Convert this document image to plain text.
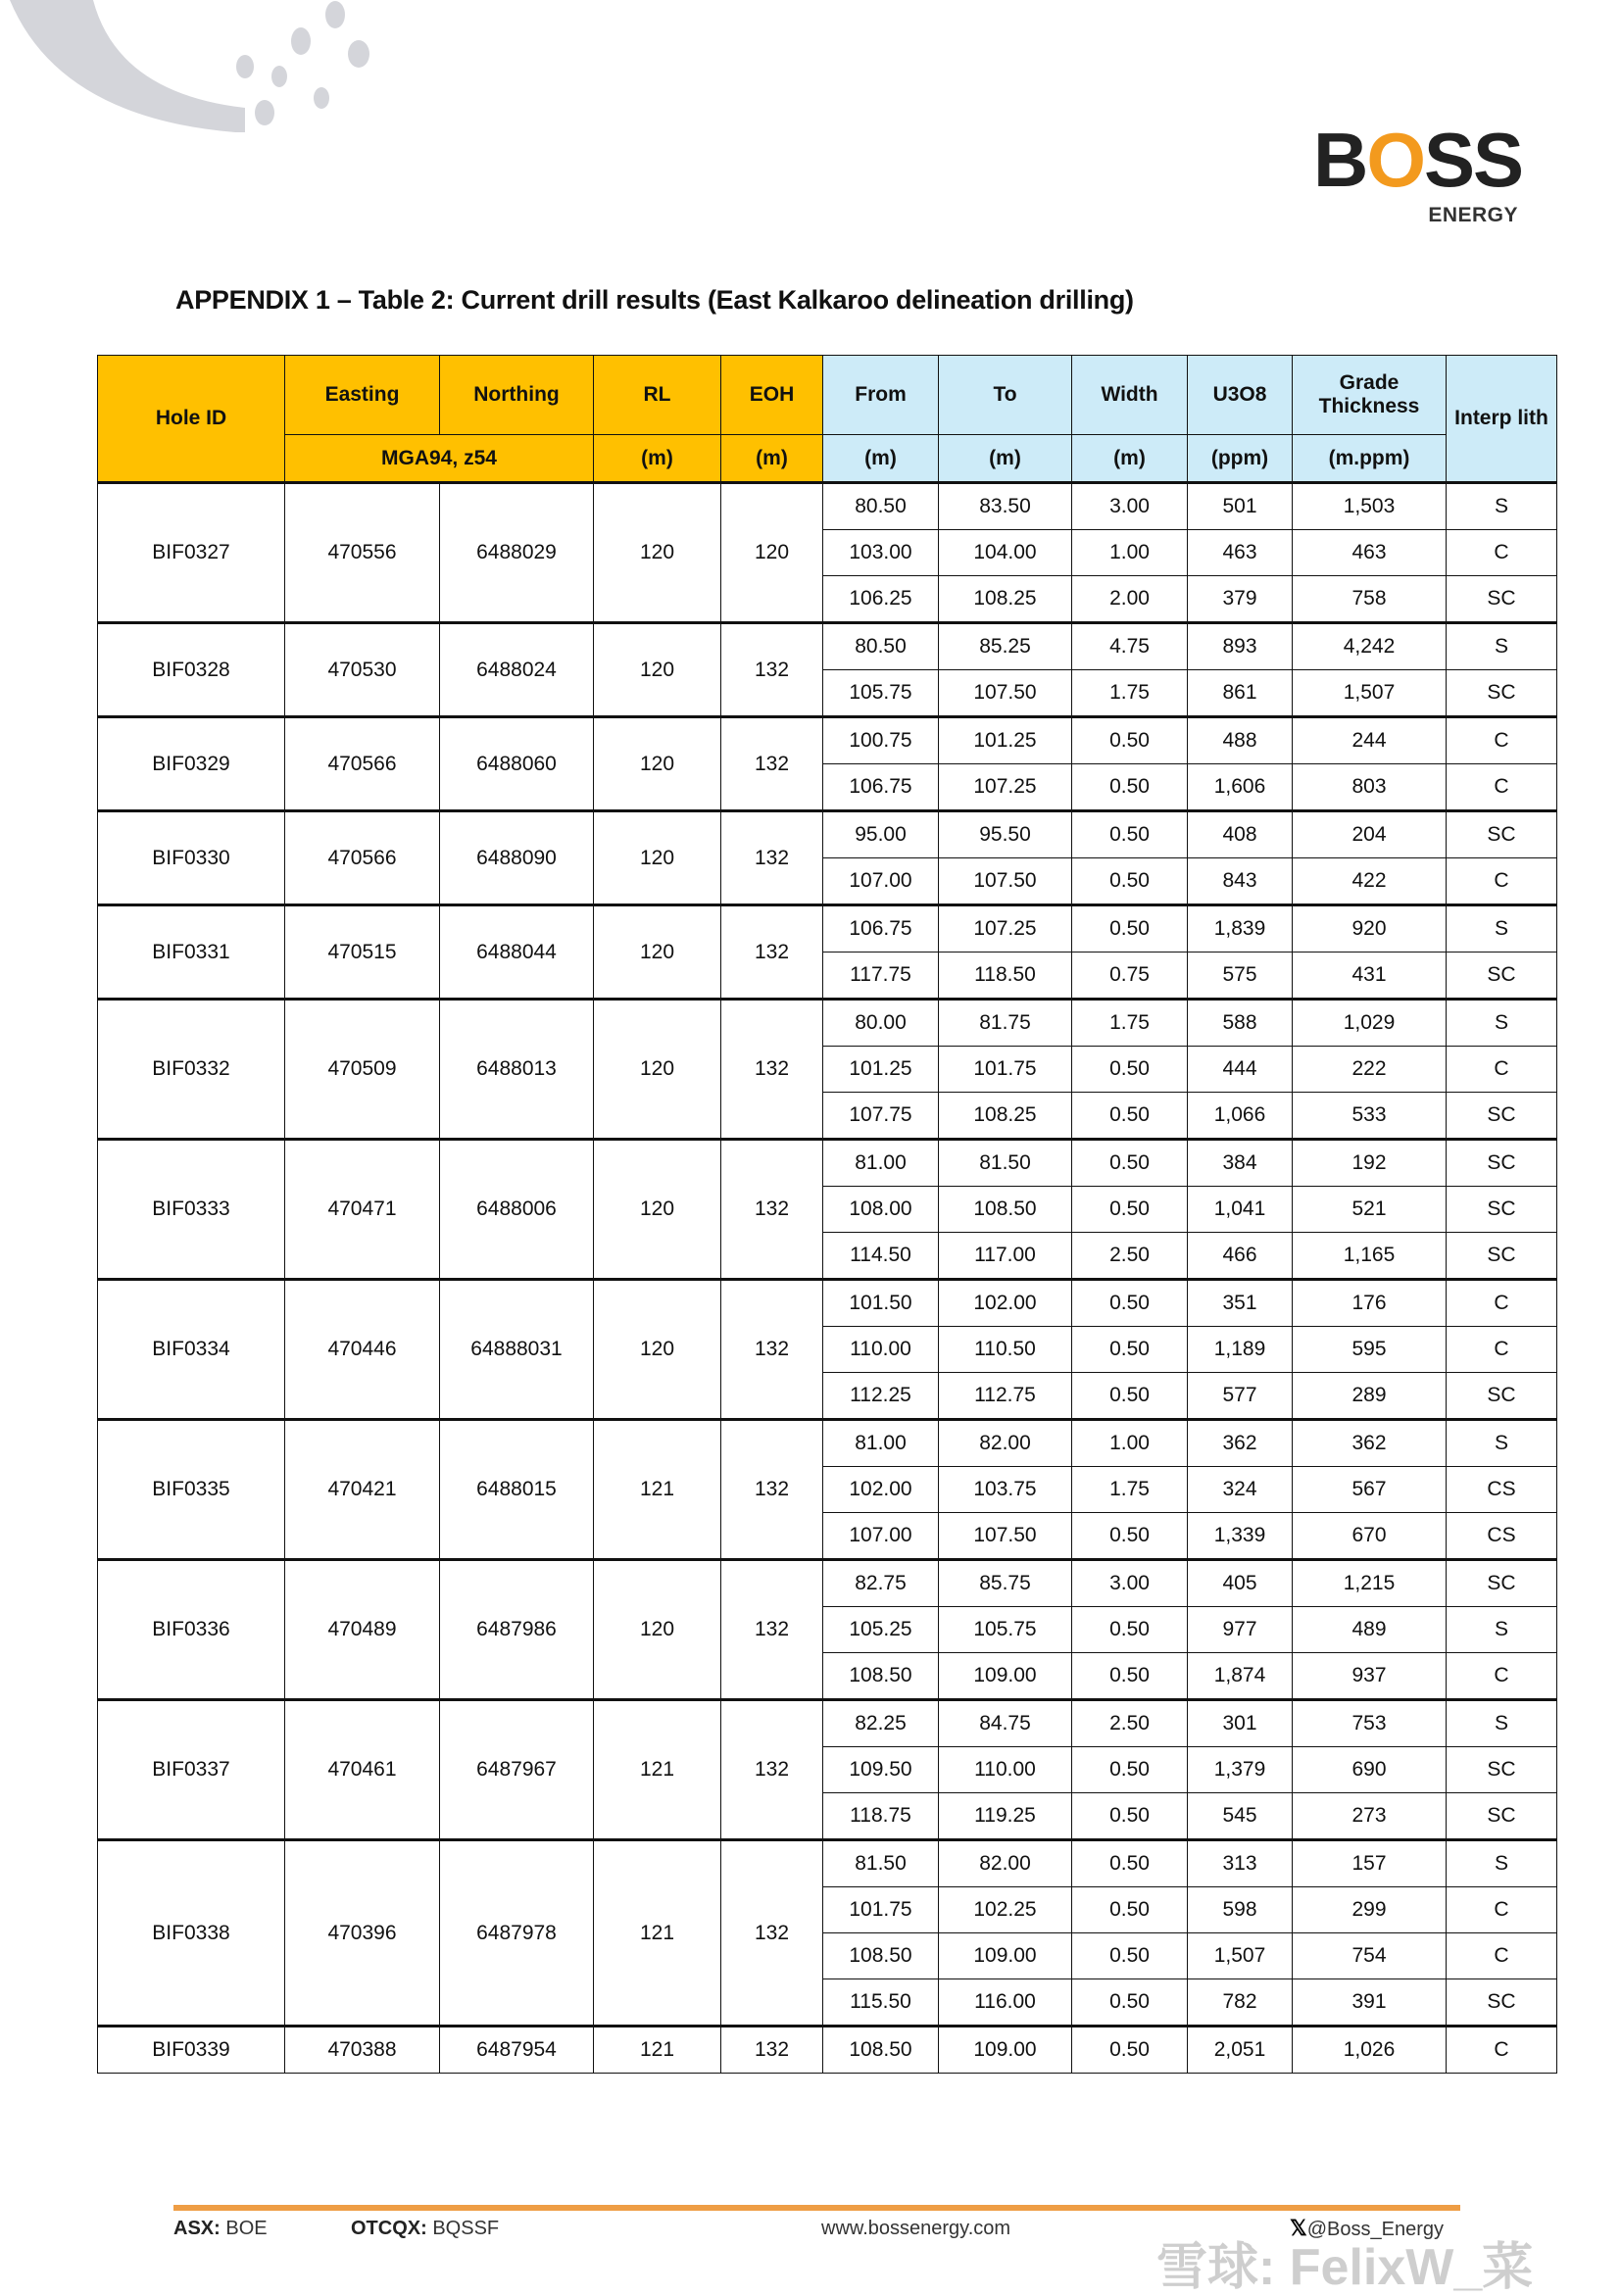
BOSS
ENERGY
APPENDIX 1 – Table 2: Current drill results (East Kalkaroo delineation drilling)
Hole ID	Easting	Northing	RL	EOH	From	To	Width	U3O8	Grade Thickness	Interp lith
	MGA94, z54		(m)	(m)	(m)	(m)	(m)	(ppm)	(m.ppm)	
BIF0327	470556	6488029	120	120	80.50	83.50	3.00	501	1,503	S
					103.00	104.00	1.00	463	463	C
					106.25	108.25	2.00	379	758	SC
BIF0328	470530	6488024	120	132	80.50	85.25	4.75	893	4,242	S
					105.75	107.50	1.75	861	1,507	SC
BIF0329	470566	6488060	120	132	100.75	101.25	0.50	488	244	C
					106.75	107.25	0.50	1,606	803	C
BIF0330	470566	6488090	120	132	95.00	95.50	0.50	408	204	SC
					107.00	107.50	0.50	843	422	C
BIF0331	470515	6488044	120	132	106.75	107.25	0.50	1,839	920	S
					117.75	118.50	0.75	575	431	SC
BIF0332	470509	6488013	120	132	80.00	81.75	1.75	588	1,029	S
					101.25	101.75	0.50	444	222	C
					107.75	108.25	0.50	1,066	533	SC
BIF0333	470471	6488006	120	132	81.00	81.50	0.50	384	192	SC
					108.00	108.50	0.50	1,041	521	SC
					114.50	117.00	2.50	466	1,165	SC
BIF0334	470446	64888031	120	132	101.50	102.00	0.50	351	176	C
					110.00	110.50	0.50	1,189	595	C
					112.25	112.75	0.50	577	289	SC
BIF0335	470421	6488015	121	132	81.00	82.00	1.00	362	362	S
					102.00	103.75	1.75	324	567	CS
					107.00	107.50	0.50	1,339	670	CS
BIF0336	470489	6487986	120	132	82.75	85.75	3.00	405	1,215	SC
					105.25	105.75	0.50	977	489	S
					108.50	109.00	0.50	1,874	937	C
BIF0337	470461	6487967	121	132	82.25	84.75	2.50	301	753	S
					109.50	110.00	0.50	1,379	690	SC
					118.75	119.25	0.50	545	273	SC
BIF0338	470396	6487978	121	132	81.50	82.00	0.50	313	157	S
					101.75	102.25	0.50	598	299	C
					108.50	109.00	0.50	1,507	754	C
					115.50	116.00	0.50	782	391	SC
BIF0339	470388	6487954	121	132	108.50	109.00	0.50	2,051	1,026	C
ASX: BOE	OTCQX: BQSSF	www.bossenergy.com	𝕏@Boss_Energy
雪球: FelixW_菜
